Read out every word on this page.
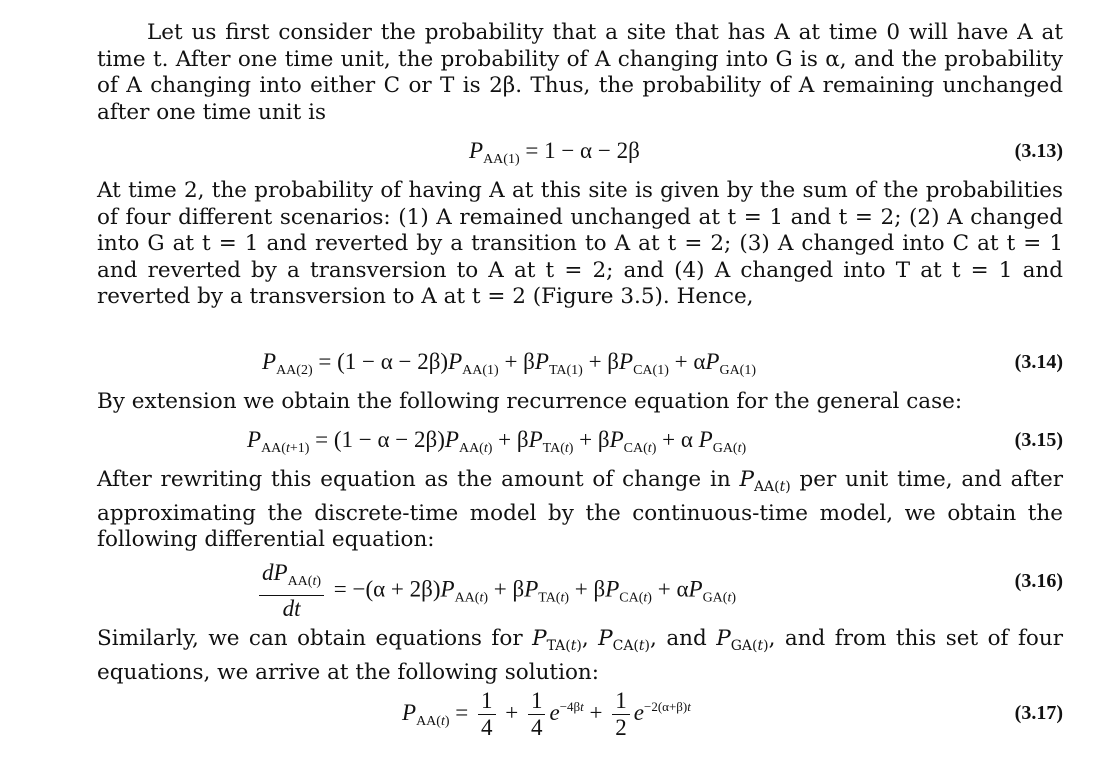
Let us first consider the probability that a site that has A at time 0 will have A at time t. After one time unit, the probability of A changing into G is α, and the probability of A changing into either C or T is 2β. Thus, the probability of A remaining unchanged after one time unit is

$P_{AA(1)} = 1 - \alpha - 2\beta$	(3.13)

At time 2, the probability of having A at this site is given by the sum of the probabilities of four different scenarios: (1) A remained unchanged at t = 1 and t = 2; (2) A changed into G at t = 1 and reverted by a transition to A at t = 2; (3) A changed into C at t = 1 and reverted by a transversion to A at t = 2; and (4) A changed into T at t = 1 and reverted by a transversion to A at t = 2 (Figure 3.5). Hence,

$P_{AA(2)} = (1 - \alpha - 2\beta)P_{AA(1)} + \beta P_{TA(1)} + \beta P_{CA(1)} + \alpha P_{GA(1)}$	(3.14)

By extension we obtain the following recurrence equation for the general case:

$P_{AA(t+1)} = (1 - \alpha - 2\beta)P_{AA(t)} + \beta P_{TA(t)} + \beta P_{CA(t)} + \alpha$ $P_{GA(t)}$	(3.15)

After rewriting this equation as the amount of change in $P_{AA(t)}$ per unit time, and after approximating the discrete-time model by the continuous-time model, we obtain the following differential equation:

$\frac{dP_{AA(t)}}{dt} = -(\alpha + 2\beta)P_{AA(t)} + \beta P_{TA(t)} + \beta P_{CA(t)} + \alpha P_{GA(t)}$
(3.16)

Similarly, we can obtain equations for $P_{TA(t)}$, $P_{CA(t)}$, and $P_{GA(t)}$, and from this set of four equations, we arrive at the following solution:

$P_{AA(t)} = \frac{1}{4} + \frac{1}{4} e^{-4\beta t} + \frac{1}{2} e^{-2(\alpha+\beta)t}$	(3.17)
